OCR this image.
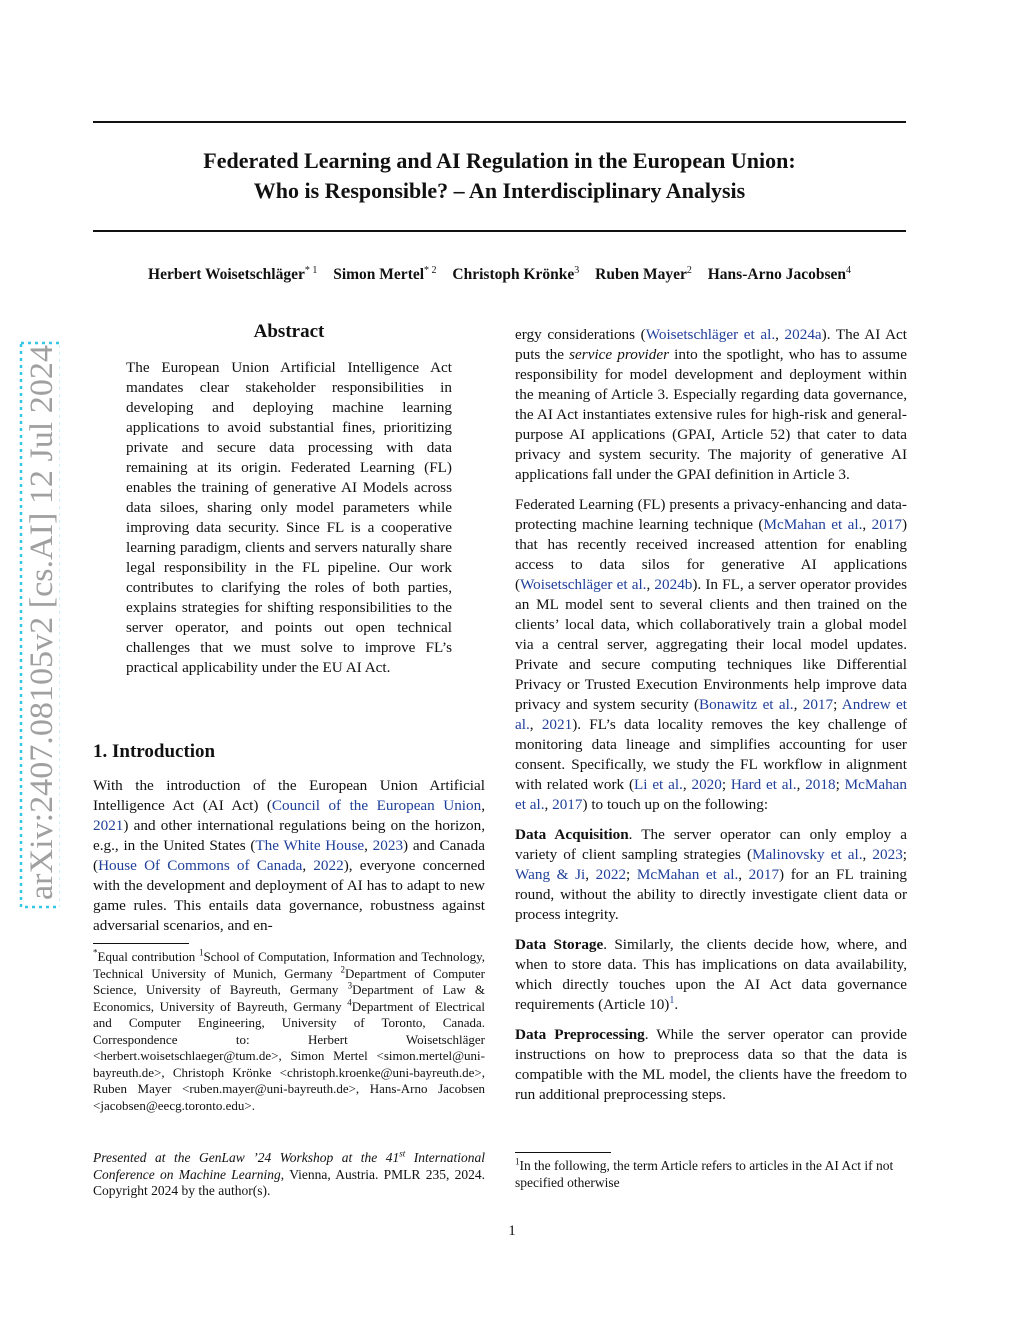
arXiv:2407.08105v2 [cs.AI] 12 Jul 2024
Federated Learning and AI Regulation in the European Union:
Who is Responsible? – An Interdisciplinary Analysis
Herbert Woisetschläger$^{* 1}$ Simon Mertel$^{* 2}$ Christoph Krönke$^3$ Ruben Mayer$^2$ Hans-Arno Jacobsen$^4$
Abstract
The European Union Artificial Intelligence Act mandates clear stakeholder responsibilities in developing and deploying machine learning applications to avoid substantial fines, prioritizing private and secure data processing with data remaining at its origin. Federated Learning (FL) enables the training of generative AI Models across data siloes, sharing only model parameters while improving data security. Since FL is a cooperative learning paradigm, clients and servers naturally share legal responsibility in the FL pipeline. Our work contributes to clarifying the roles of both parties, explains strategies for shifting responsibilities to the server operator, and points out open technical challenges that we must solve to improve FL’s practical applicability under the EU AI Act.
1. Introduction

With the introduction of the European Union Artificial Intelligence Act (AI Act) (Council of the European Union, 2021) and other international regulations being on the horizon, e.g., in the United States (The White House, 2023) and Canada (House Of Commons of Canada, 2022), everyone concerned with the development and deployment of AI has to adapt to new game rules. This entails data governance, robustness against adversarial scenarios, and en-

*Equal contribution $^1$School of Computation, Information and Technology, Technical University of Munich, Germany $^2$Department of Computer Science, University of Bayreuth, Germany $^3$Department of Law & Economics, University of Bayreuth, Germany $^4$Department of Electrical and Computer Engineering, University of Toronto, Canada. Correspondence to: Herbert Woisetschläger <herbert.woisetschlaeger@tum.de>, Simon Mertel <simon.mertel@uni-bayreuth.de>, Christoph Krönke <christoph.kroenke@uni-bayreuth.de>, Ruben Mayer <ruben.mayer@uni-bayreuth.de>, Hans-Arno Jacobsen <jacobsen@eecg.toronto.edu>.
Presented at the GenLaw ’24 Workshop at the 41st International Conference on Machine Learning, Vienna, Austria. PMLR 235, 2024. Copyright 2024 by the author(s).

ergy considerations (Woisetschläger et al., 2024a). The AI Act puts the service provider into the spotlight, who has to assume responsibility for model development and deployment within the meaning of Article 3. Especially regarding data governance, the AI Act instantiates extensive rules for high-risk and general-purpose AI applications (GPAI, Article 52) that cater to data privacy and system security. The majority of generative AI applications fall under the GPAI definition in Article 3.

Federated Learning (FL) presents a privacy-enhancing and data-protecting machine learning technique (McMahan et al., 2017) that has recently received increased attention for enabling access to data silos for generative AI applications (Woisetschläger et al., 2024b). In FL, a server operator provides an ML model sent to several clients and then trained on the clients’ local data, which collaboratively train a global model via a central server, aggregating their local model updates. Private and secure computing techniques like Differential Privacy or Trusted Execution Environments help improve data privacy and system security (Bonawitz et al., 2017; Andrew et al., 2021). FL’s data locality removes the key challenge of monitoring data lineage and simplifies accounting for user consent. Specifically, we study the FL workflow in alignment with related work (Li et al., 2020; Hard et al., 2018; McMahan et al., 2017) to touch up on the following:

Data Acquisition. The server operator can only employ a variety of client sampling strategies (Malinovsky et al., 2023; Wang & Ji, 2022; McMahan et al., 2017) for an FL training round, without the ability to directly investigate client data or process integrity.

Data Storage. Similarly, the clients decide how, where, and when to store data. This has implications on data availability, which directly touches upon the AI Act data governance requirements (Article 10)$^1$.

Data Preprocessing. While the server operator can provide instructions on how to preprocess data so that the data is compatible with the ML model, the clients have the freedom to run additional preprocessing steps.

$^1$In the following, the term Article refers to articles in the AI Act if not specified otherwise
1
